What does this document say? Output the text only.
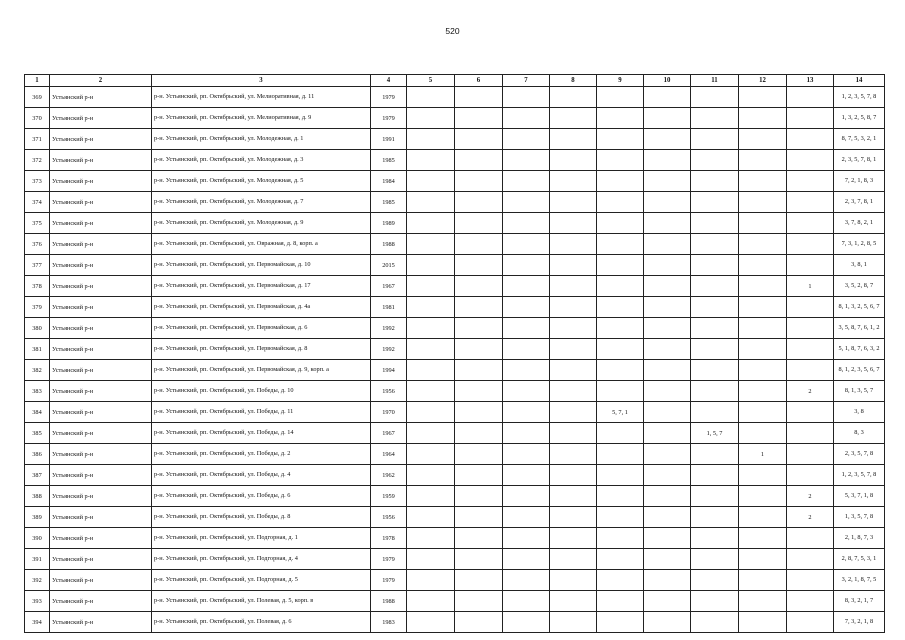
520
1	2	3	4	5	6	7	8	9	10	11	12	13	14
369	Устьянский р-н	р-н. Устьянский, рп. Октябрьский, ул. Мелиоративная, д. 11	1979										1, 2, 3, 5, 7, 8
370	Устьянский р-н	р-н. Устьянский, рп. Октябрьский, ул. Мелиоративная, д. 9	1979										1, 3, 2, 5, 8, 7
371	Устьянский р-н	р-н. Устьянский, рп. Октябрьский, ул. Молодежная, д. 1	1991										8, 7, 5, 3, 2, 1
372	Устьянский р-н	р-н. Устьянский, рп. Октябрьский, ул. Молодежная, д. 3	1985										2, 3, 5, 7, 8, 1
373	Устьянский р-н	р-н. Устьянский, рп. Октябрьский, ул. Молодежная, д. 5	1984										7, 2, 1, 8, 3
374	Устьянский р-н	р-н. Устьянский, рп. Октябрьский, ул. Молодежная, д. 7	1985										2, 3, 7, 8, 1
375	Устьянский р-н	р-н. Устьянский, рп. Октябрьский, ул. Молодежная, д. 9	1989										3, 7, 8, 2, 1
376	Устьянский р-н	р-н. Устьянский, рп. Октябрьский, ул. Овражная, д. 8, корп. а	1988										7, 3, 1, 2, 8, 5
377	Устьянский р-н	р-н. Устьянский, рп. Октябрьский, ул. Первомайская, д. 10	2015										3, 8, 1
378	Устьянский р-н	р-н. Устьянский, рп. Октябрьский, ул. Первомайская, д. 17	1967									1	3, 5, 2, 8, 7
379	Устьянский р-н	р-н. Устьянский, рп. Октябрьский, ул. Первомайская, д. 4а	1981										8, 1, 3, 2, 5, 6, 7
380	Устьянский р-н	р-н. Устьянский, рп. Октябрьский, ул. Первомайская, д. 6	1992										3, 5, 8, 7, 6, 1, 2
381	Устьянский р-н	р-н. Устьянский, рп. Октябрьский, ул. Первомайская, д. 8	1992										5, 1, 8, 7, 6, 3, 2
382	Устьянский р-н	р-н. Устьянский, рп. Октябрьский, ул. Первомайская, д. 9, корп. а	1994										8, 1, 2, 3, 5, 6, 7
383	Устьянский р-н	р-н. Устьянский, рп. Октябрьский, ул. Победы, д. 10	1956									2	8, 1, 3, 5, 7
384	Устьянский р-н	р-н. Устьянский, рп. Октябрьский, ул. Победы, д. 11	1970					5, 7, 1					3, 8
385	Устьянский р-н	р-н. Устьянский, рп. Октябрьский, ул. Победы, д. 14	1967							1, 5, 7			8, 3
386	Устьянский р-н	р-н. Устьянский, рп. Октябрьский, ул. Победы, д. 2	1964								1		2, 3, 5, 7, 8
387	Устьянский р-н	р-н. Устьянский, рп. Октябрьский, ул. Победы, д. 4	1962										1, 2, 3, 5, 7, 8
388	Устьянский р-н	р-н. Устьянский, рп. Октябрьский, ул. Победы, д. 6	1959									2	5, 3, 7, 1, 8
389	Устьянский р-н	р-н. Устьянский, рп. Октябрьский, ул. Победы, д. 8	1956									2	1, 3, 5, 7, 8
390	Устьянский р-н	р-н. Устьянский, рп. Октябрьский, ул. Подгорная, д. 1	1978										2, 1, 8, 7, 3
391	Устьянский р-н	р-н. Устьянский, рп. Октябрьский, ул. Подгорная, д. 4	1979										2, 8, 7, 5, 3, 1
392	Устьянский р-н	р-н. Устьянский, рп. Октябрьский, ул. Подгорная, д. 5	1979										3, 2, 1, 8, 7, 5
393	Устьянский р-н	р-н. Устьянский, рп. Октябрьский, ул. Полевая, д. 5, корп. в	1988										8, 3, 2, 1, 7
394	Устьянский р-н	р-н. Устьянский, рп. Октябрьский, ул. Полевая, д. 6	1983										7, 3, 2, 1, 8
